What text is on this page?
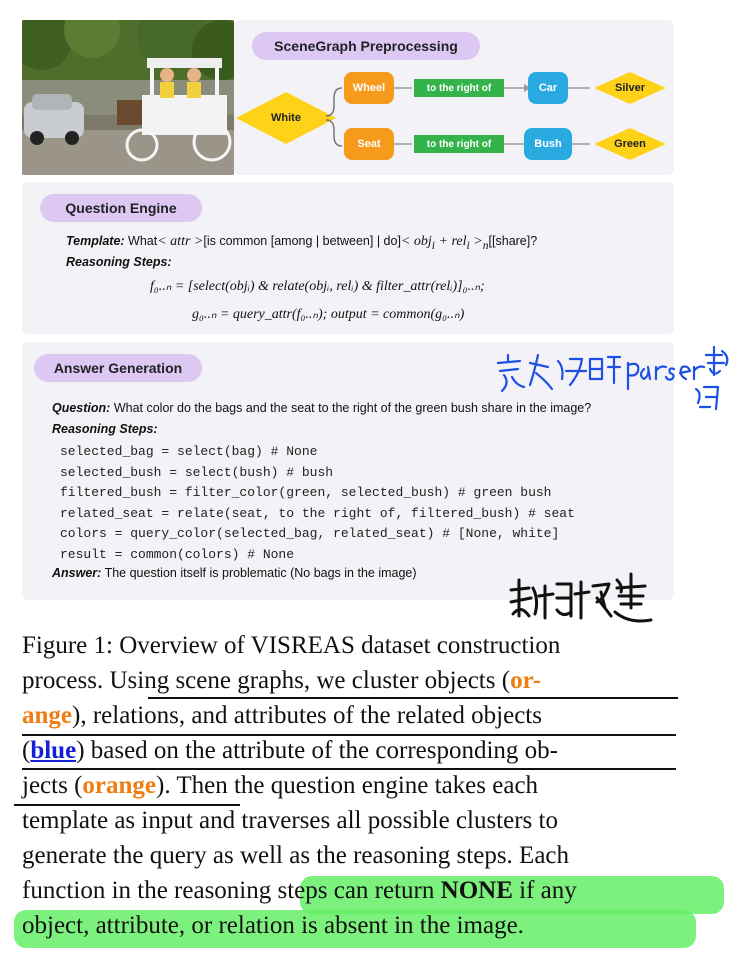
SceneGraph Preprocessing
White
Wheel	to the right of	Car	Silver
Seat	to the right of	Bush	Green
Question Engine
Template: What< attr >[is common [among | between] | $do]< obj_i + rel_i >_n[[share]$?
Reasoning Steps:
f₀..ₙ = [select(objᵢ) & relate(objᵢ, relᵢ) & filter_attr(relᵢ)]₀..ₙ;
g₀..ₙ = query_attr(f₀..ₙ); output = common(g₀..ₙ)
Answer Generation
Question: What color do the bags and the seat to the right of the green bush share in the image?
Reasoning Steps:
selected_bag = select(bag) # None
selected_bush = select(bush) # bush
filtered_bush = filter_color(green, selected_bush) # green bush
related_seat = relate(seat, to the right of, filtered_bush) # seat
colors = query_color(selected_bag, related_seat) # [None, white]
result = common(colors) # None
Answer: The question itself is problematic (No bags in the image)
Figure 1: Overview of VISREAS dataset construction
process. Using scene graphs, we cluster objects (or-
ange), relations, and attributes of the related objects
(blue) based on the attribute of the corresponding ob-
jects (orange). Then the question engine takes each
template as input and traverses all possible clusters to
generate the query as well as the reasoning steps. Each
function in the reasoning steps can return NONE if any
object, attribute, or relation is absent in the image.
